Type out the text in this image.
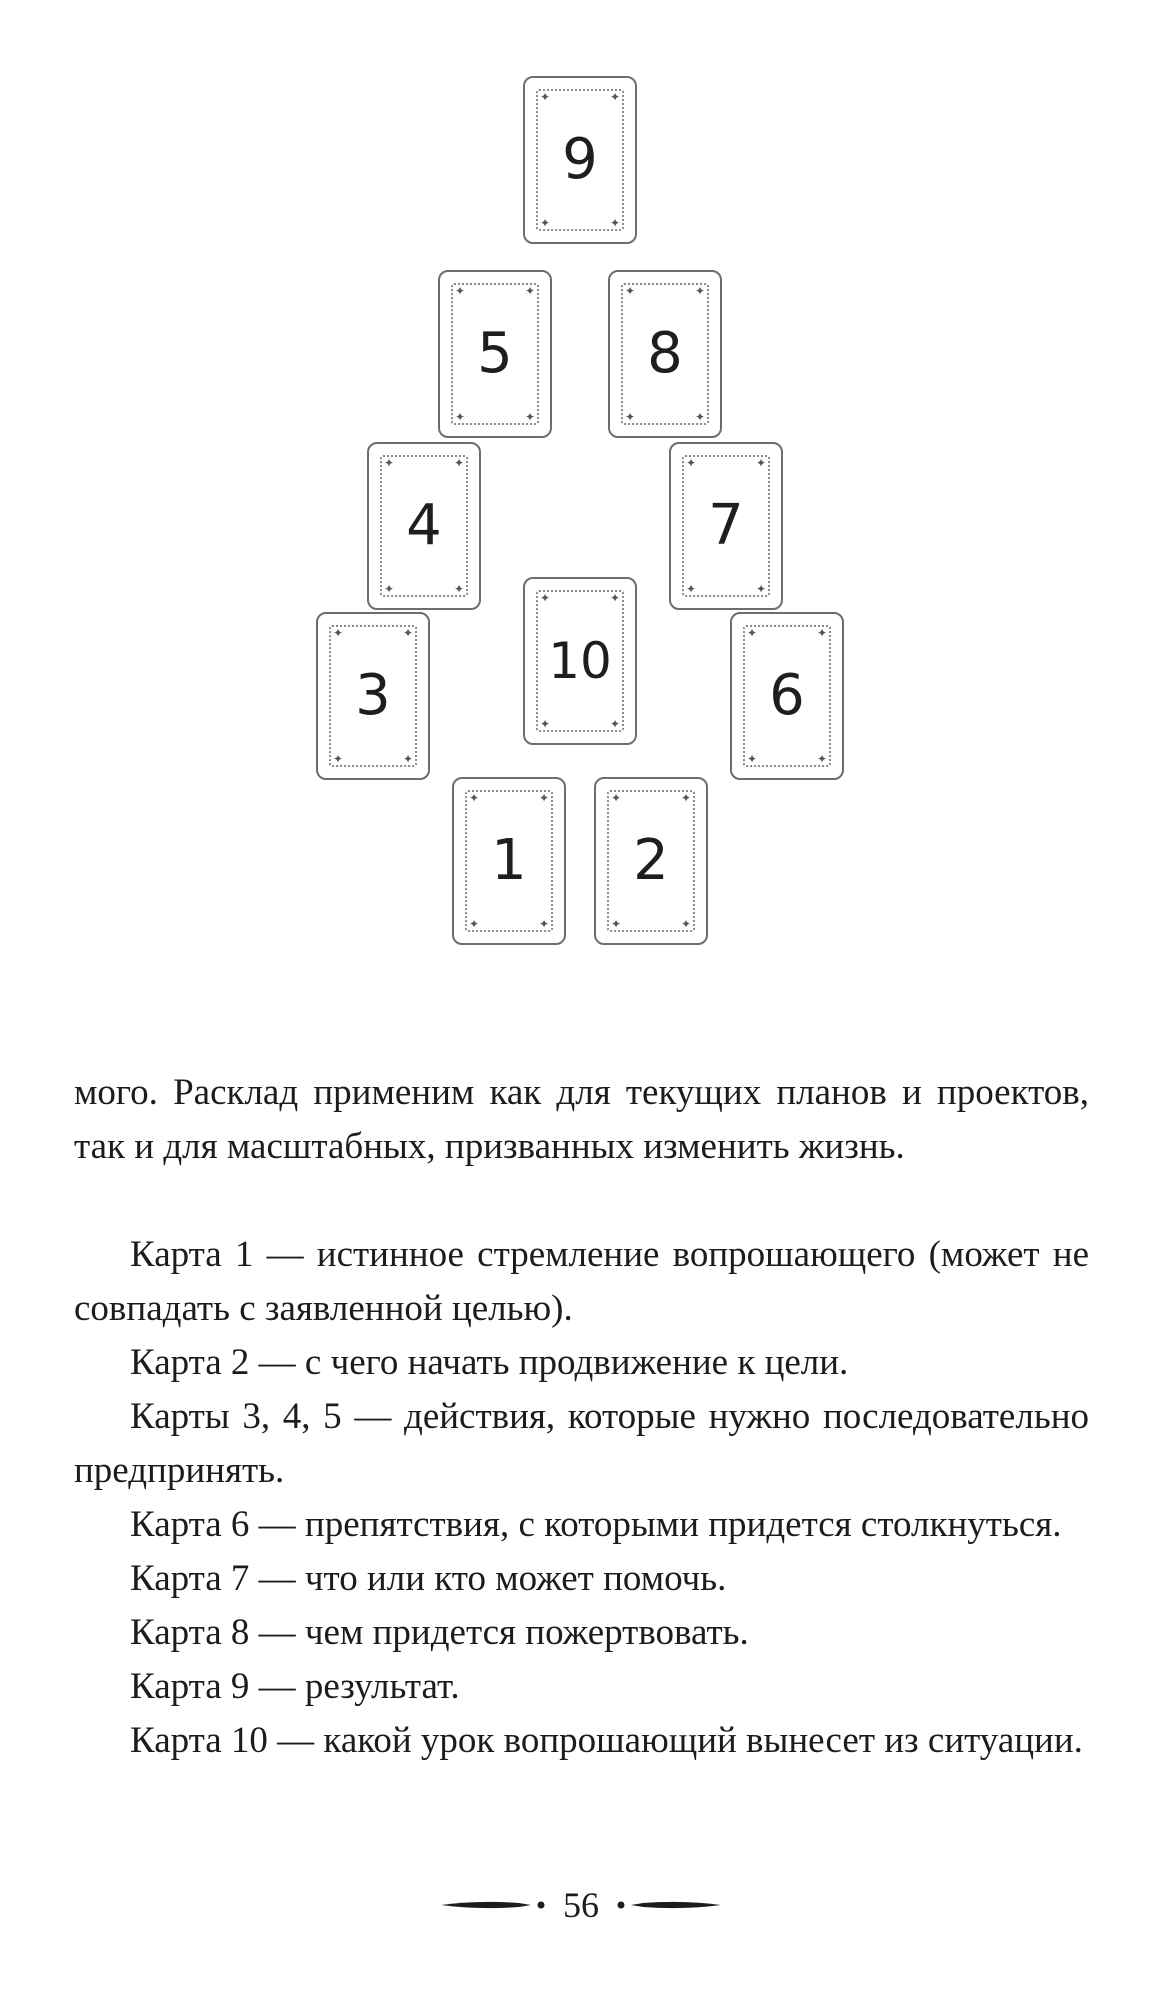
✦	✦
✦	✦
9
✦	✦
✦	✦
5
✦	✦
✦	✦
8
✦	✦
✦	✦
4
✦	✦
✦	✦
7
✦	✦
✦	✦
10
✦	✦
✦	✦
3
✦	✦
✦	✦
6
✦	✦
✦	✦
1
✦	✦
✦	✦
2

мого. Расклад применим как для текущих планов и проектов, так и для масштабных, призванных изменить жизнь.

Карта 1 — истинное стремление вопрошающего (может не совпадать с заявленной целью).

Карта 2 — с чего начать продвижение к цели.

Карты 3, 4, 5 — действия, которые нужно последовательно предпринять.

Карта 6 — препятствия, с которыми придется столкнуться.

Карта 7 — что или кто может помочь.

Карта 8 — чем придется пожертвовать.

Карта 9 — результат.

Карта 10 — какой урок вопрошающий вынесет из ситуации.

56
